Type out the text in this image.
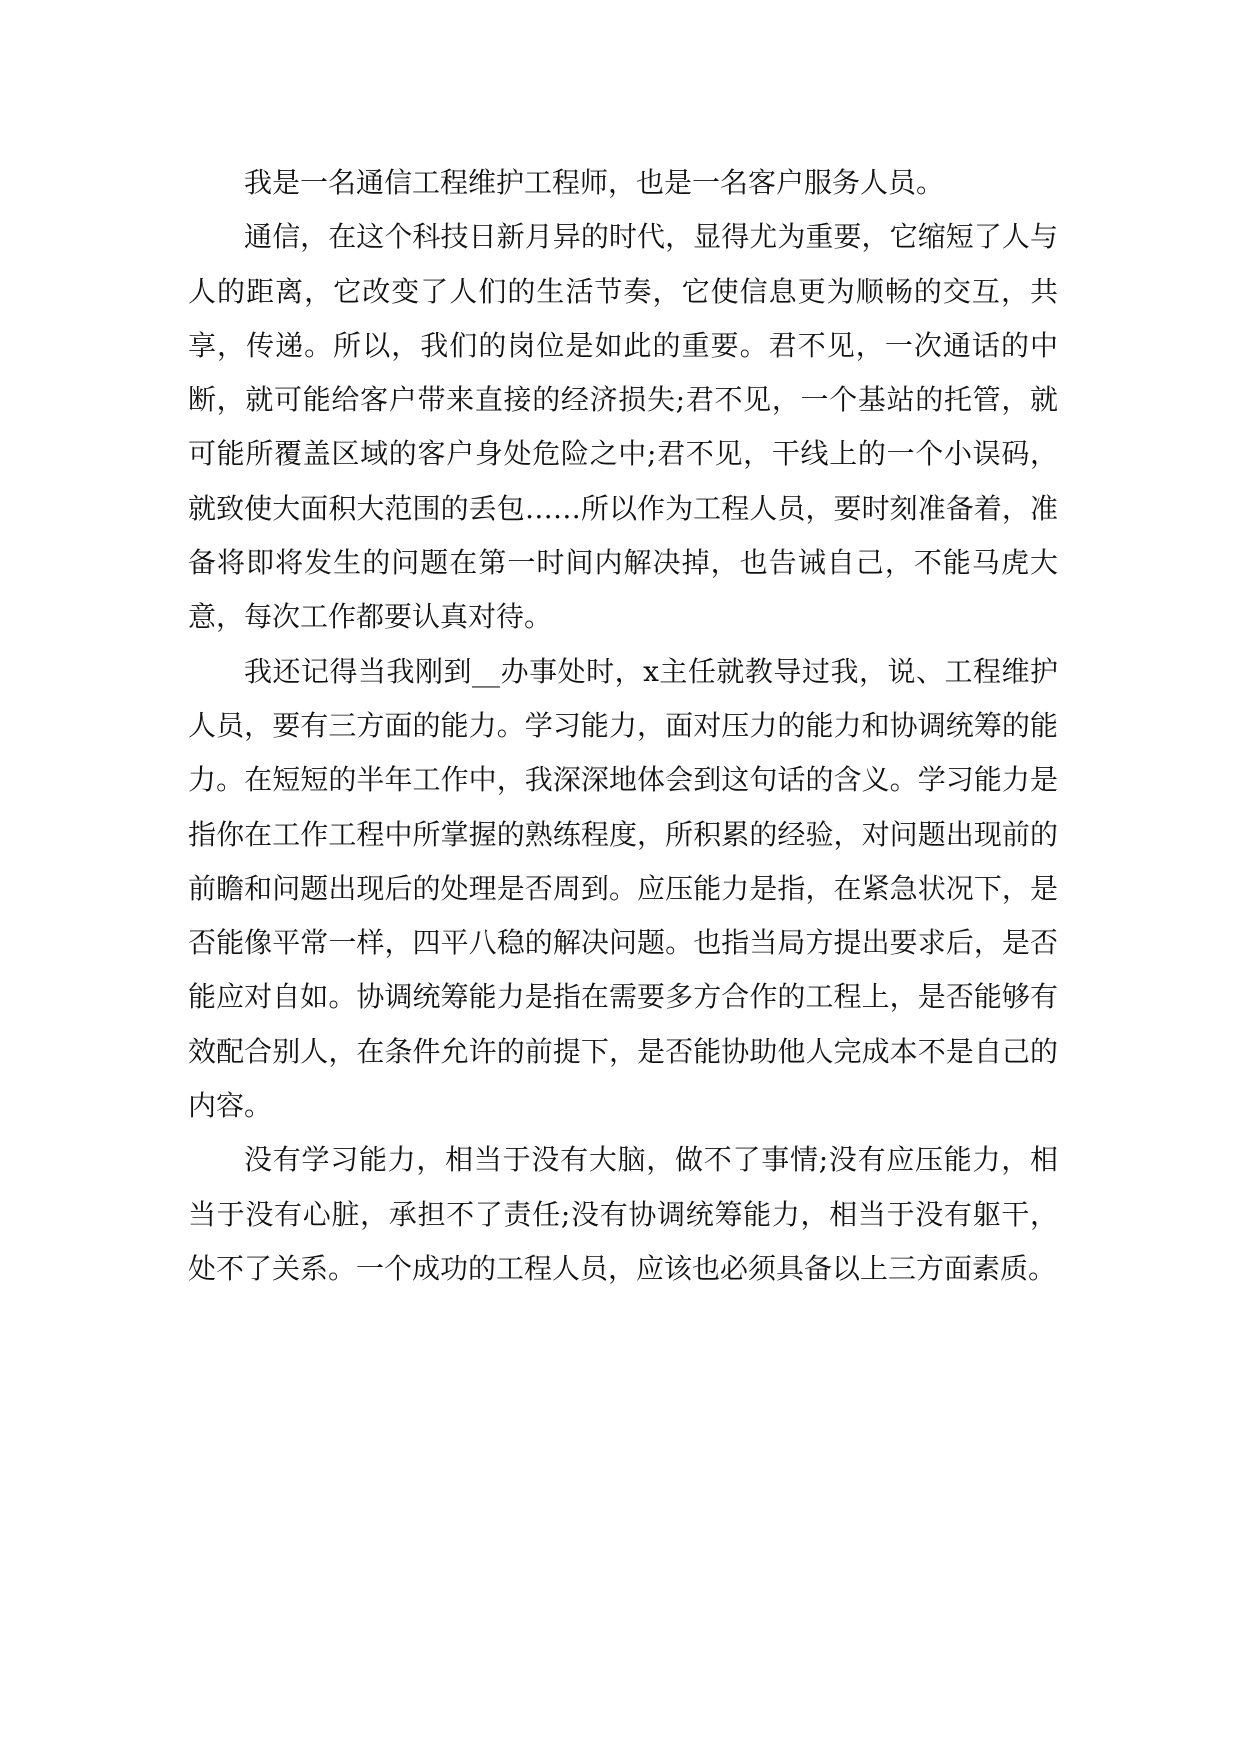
我是一名通信工程维护工程师，也是一名客户服务人员。

通信，在这个科技日新月异的时代，显得尤为重要，它缩短了人与人的距离，它改变了人们的生活节奏，它使信息更为顺畅的交互，共享，传递。所以，我们的岗位是如此的重要。君不见，一次通话的中断，就可能给客户带来直接的经济损失;君不见，一个基站的托管，就可能所覆盖区域的客户身处危险之中;君不见，干线上的一个小误码，就致使大面积大范围的丢包……所以作为工程人员，要时刻准备着，准备将即将发生的问题在第一时间内解决掉，也告诫自己，不能马虎大意，每次工作都要认真对待。

我还记得当我刚到__办事处时，x主任就教导过我，说、工程维护人员，要有三方面的能力。学习能力，面对压力的能力和协调统筹的能力。在短短的半年工作中，我深深地体会到这句话的含义。学习能力是指你在工作工程中所掌握的熟练程度，所积累的经验，对问题出现前的前瞻和问题出现后的处理是否周到。应压能力是指，在紧急状况下，是否能像平常一样，四平八稳的解决问题。也指当局方提出要求后，是否能应对自如。协调统筹能力是指在需要多方合作的工程上，是否能够有效配合别人，在条件允许的前提下，是否能协助他人完成本不是自己的内容。

没有学习能力，相当于没有大脑，做不了事情;没有应压能力，相当于没有心脏，承担不了责任;没有协调统筹能力，相当于没有躯干，处不了关系。一个成功的工程人员，应该也必须具备以上三方面素质。
